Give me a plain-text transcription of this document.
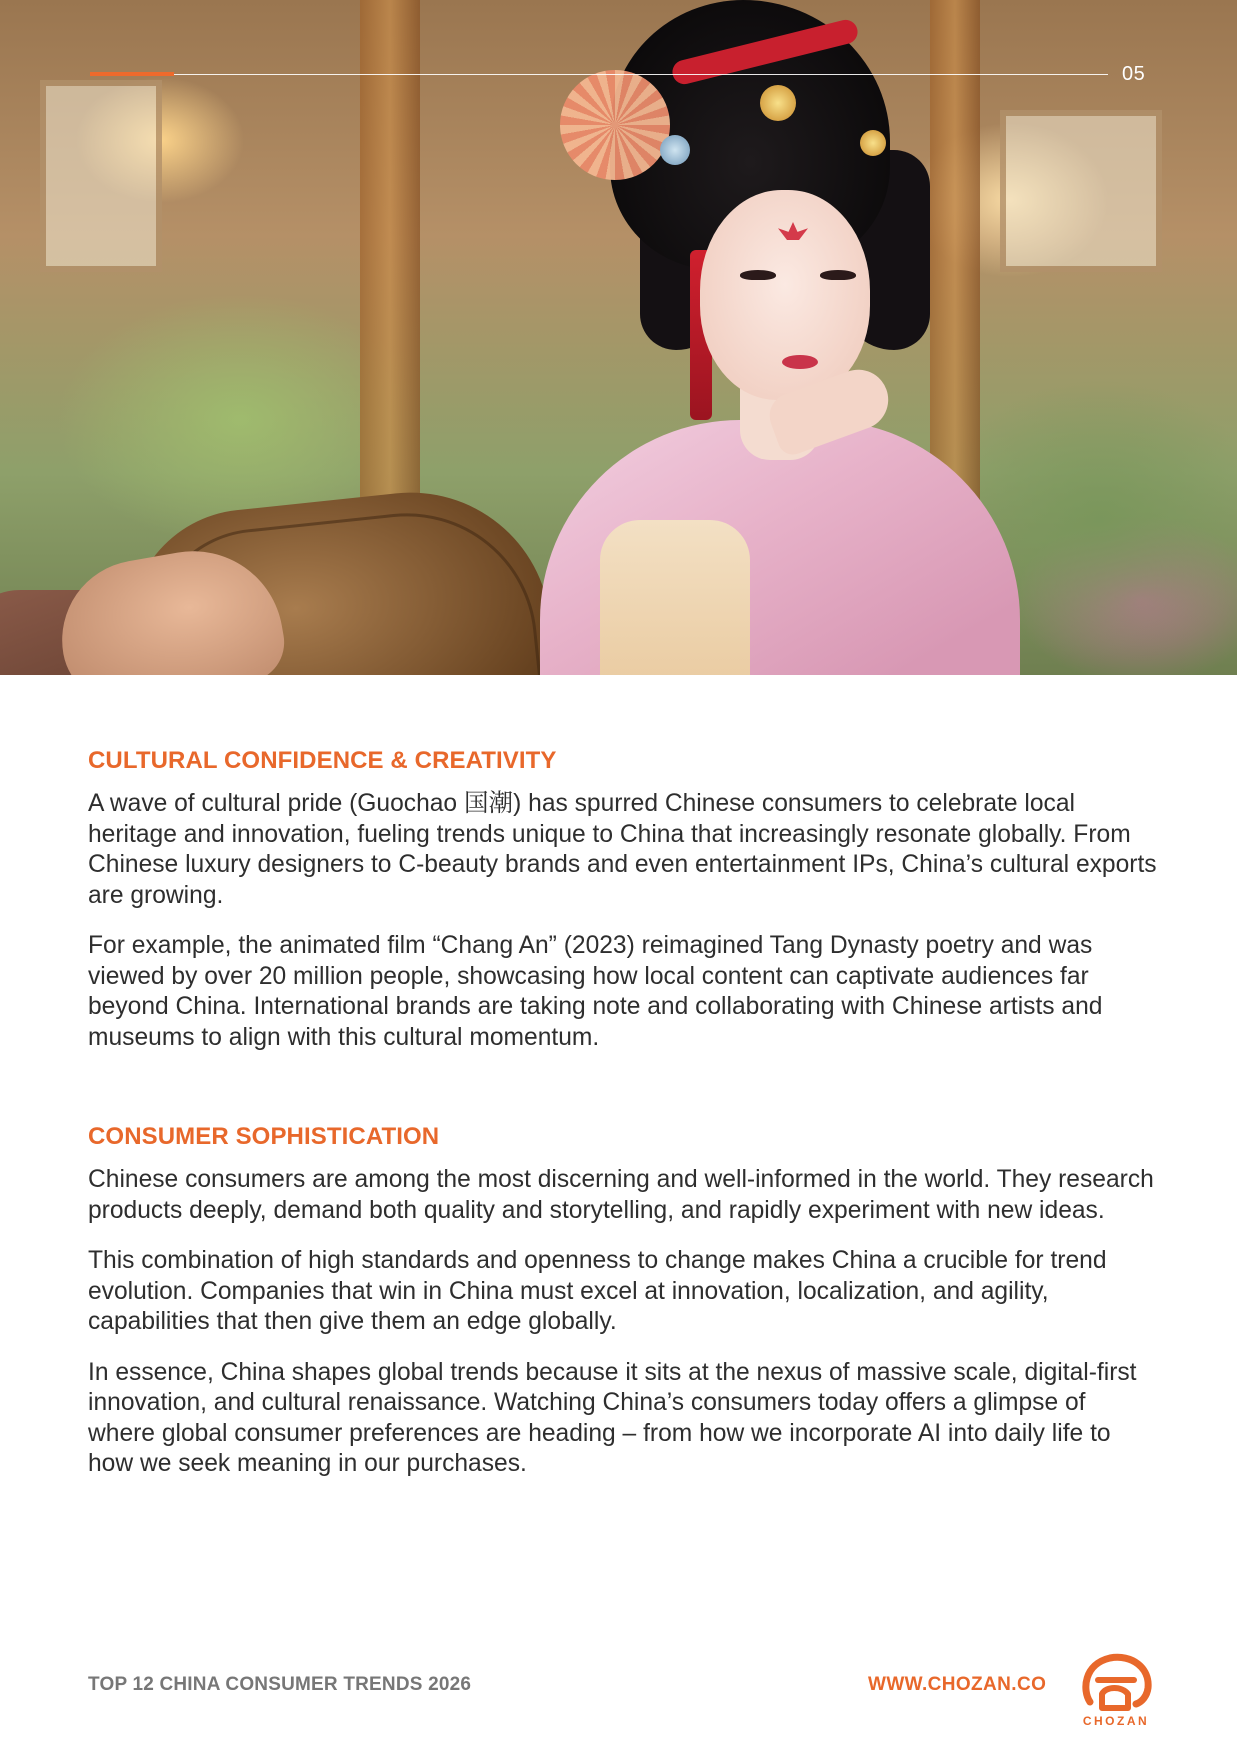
05
CULTURAL CONFIDENCE & CREATIVITY

A wave of cultural pride (Guochao 国潮) has spurred Chinese consumers to celebrate local heritage and innovation, fueling trends unique to China that increasingly resonate globally. From Chinese luxury designers to C-beauty brands and even entertainment IPs, China’s cultural exports are growing.

For example, the animated film “Chang An” (2023) reimagined Tang Dynasty poetry and was viewed by over 20 million people, showcasing how local content can captivate audiences far beyond China. International brands are taking note and collaborating with Chinese artists and museums to align with this cultural momentum.

CONSUMER SOPHISTICATION

Chinese consumers are among the most discerning and well-informed in the world. They research products deeply, demand both quality and storytelling, and rapidly experiment with new ideas.

This combination of high standards and openness to change makes China a crucible for trend evolution. Companies that win in China must excel at innovation, localization, and agility, capabilities that then give them an edge globally.

In essence, China shapes global trends because it sits at the nexus of massive scale, digital-first innovation, and cultural renaissance. Watching China’s consumers today offers a glimpse of where global consumer preferences are heading – from how we incorporate AI into daily life to how we seek meaning in our purchases.

TOP 12 CHINA CONSUMER TRENDS 2026	WWW.CHOZAN.CO
CHOZAN
